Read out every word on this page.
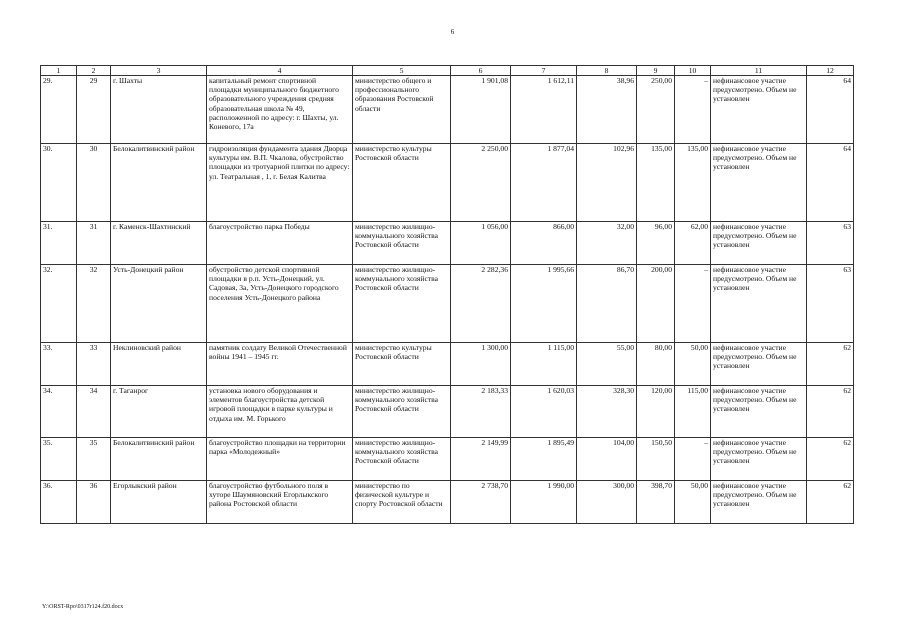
6
1	2	3	4	5	6	7	8	9	10	11	12
29.	29	г. Шахты	капитальный ремонт спортивной площадки муниципального бюджетного образовательного учреждения средняя образовательная школа № 49, расположенной по адресу: г. Шахты, ул. Коневого, 17а	министерство общего и профессионального образования Ростовской области	1 901,08	1 612,11	38,96	250,00	–	нефинансовое участие предусмотрено. Объем не установлен	64
30.	30	Белокалитвинский район	гидроизоляция фундамента здания Дворца культуры им. В.П. Чкалова, обустройство площадки из тротуарной плитки по адресу: ул. Театральная , 1, г. Белая Калитва	министерство культуры Ростовской области	2 250,00	1 877,04	102,96	135,00	135,00	нефинансовое участие предусмотрено. Объем не установлен	64
31.	31	г. Каменск-Шахтинский	благоустройство парка Победы	министерство жилищно-коммунального хозяйства Ростовской области	1 056,00	866,00	32,00	96,00	62,00	нефинансовое участие предусмотрено. Объем не установлен	63
32.	32	Усть-Донецкий район	обустройство детской спортивной площадки в р.п. Усть-Донецкий, ул. Садовая, 3а, Усть-Донецкого городского поселения Усть-Донецкого района	министерство жилищно-коммунального хозяйства Ростовской области	2 282,36	1 995,66	86,70	200,00	–	нефинансовое участие предусмотрено. Объем не установлен	63
33.	33	Неклиновский район	памятник солдату Великой Отечественной войны 1941 – 1945 гг.	министерство культуры Ростовской области	1 300,00	1 115,00	55,00	80,00	50,00	нефинансовое участие предусмотрено. Объем не установлен	62
34.	34	г. Таганрог	установка нового оборудования и элементов благоустройства детской игровой площадки в парке культуры и отдыха им. М. Горького	министерство жилищно-коммунального хозяйства Ростовской области	2 183,33	1 620,03	328,30	120,00	115,00	нефинансовое участие предусмотрено. Объем не установлен	62
35.	35	Белокалитвинский район	благоустройство площадки на территории парка «Молодежный»	министерство жилищно-коммунального хозяйства Ростовской области	2 149,99	1 895,49	104,00	150,50	–	нефинансовое участие предусмотрено. Объем не установлен	62
36.	36	Егорлыкский район	благоустройство футбольного поля в хуторе Шаумяновский Егорлыкского района Ростовской области	министерство по физической культуре и спорту Ростовской области	2 738,70	1 990,00	300,00	398,70	50,00	нефинансовое участие предусмотрено. Объем не установлен	62
Y:\ORST-Rpo\0317r124.f20.docx
